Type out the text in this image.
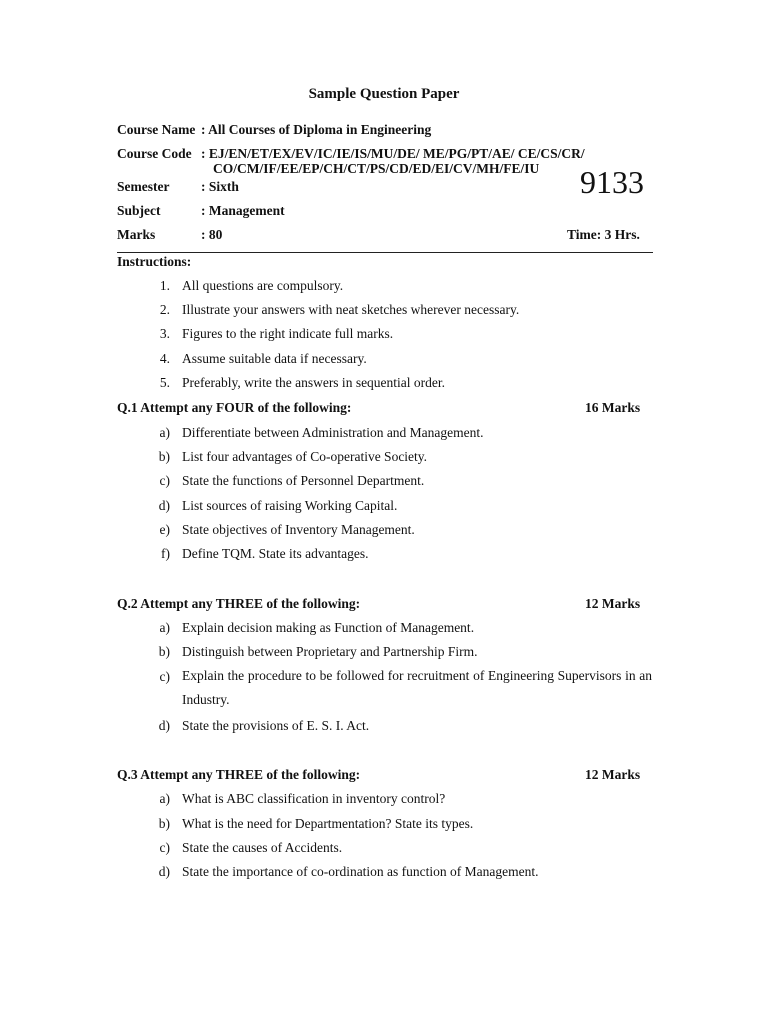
Sample Question Paper
Course Name : All Courses of Diploma in Engineering
Course Code : EJ/EN/ET/EX/EV/IC/IE/IS/MU/DE/ ME/PG/PT/AE/ CE/CS/CR/
CO/CM/IF/EE/EP/CH/CT/PS/CD/ED/EI/CV/MH/FE/IU 9133
Semester : Sixth
Subject	: Management
Marks	: 80	Time: 3 Hrs.
Instructions:
1. All questions are compulsory.
2. Illustrate your answers with neat sketches wherever necessary.
3. Figures to the right indicate full marks.
4. Assume suitable data if necessary.
5. Preferably, write the answers in sequential order.
Q.1 Attempt any FOUR of the following:	16 Marks
a) Differentiate between Administration and Management.
b) List four advantages of Co-operative Society.
c) State the functions of Personnel Department.
d) List sources of raising Working Capital.
e) State objectives of Inventory Management.
f) Define TQM. State its advantages.
Q.2 Attempt any THREE of the following:	12 Marks
a) Explain decision making as Function of Management.
b) Distinguish between Proprietary and Partnership Firm.
c) Explain the procedure to be followed for recruitment of Engineering Supervisors in an Industry.
d) State the provisions of E. S. I. Act.
Q.3 Attempt any THREE of the following:	12 Marks
a) What is ABC classification in inventory control?
b) What is the need for Departmentation? State its types.
c) State the causes of Accidents.
d) State the importance of co-ordination as function of Management.
